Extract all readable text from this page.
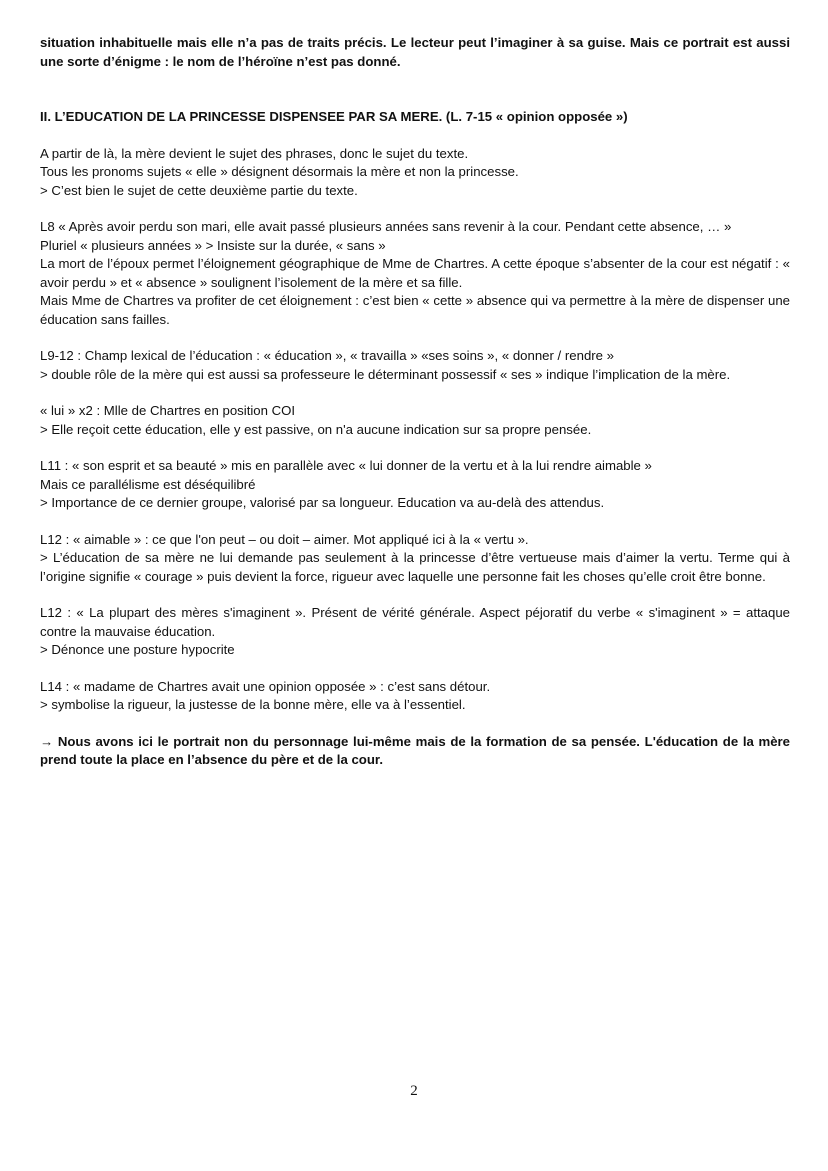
situation inhabituelle mais elle n’a pas de traits précis. Le lecteur peut l’imaginer à sa guise. Mais ce portrait est aussi une sorte d’énigme : le nom de l’héroïne n’est pas donné.

II. L’EDUCATION DE LA PRINCESSE DISPENSEE PAR SA MERE. (L. 7-15 « opinion opposée »)

A partir de là, la mère devient le sujet des phrases, donc le sujet du texte.

Tous les pronoms sujets « elle » désignent désormais la mère et non la princesse.

> C’est bien le sujet de cette deuxième partie du texte.

L8 « Après avoir perdu son mari, elle avait passé plusieurs années sans revenir à la cour. Pendant cette absence, … »

Pluriel « plusieurs années » > Insiste sur la durée, « sans »

La mort de l’époux permet l’éloignement géographique de Mme de Chartres. A cette époque s’absenter de la cour est négatif : « avoir perdu » et « absence » soulignent l’isolement de la mère et sa fille.

Mais Mme de Chartres va profiter de cet éloignement : c’est bien « cette » absence qui va permettre à la mère de dispenser une éducation sans failles.

L9-12 : Champ lexical de l’éducation : « éducation », « travailla » «ses soins », « donner / rendre »

> double rôle de la mère qui est aussi sa professeure le déterminant possessif « ses » indique l’implication de la mère.

« lui » x2 : Mlle de Chartres en position COI

> Elle reçoit cette éducation, elle y est passive, on n'a aucune indication sur sa propre pensée.

L11 : « son esprit et sa beauté » mis en parallèle avec « lui donner de la vertu et à la lui rendre aimable »

Mais ce parallélisme est déséquilibré

> Importance de ce dernier groupe, valorisé par sa longueur. Education va au-delà des attendus.

L12 : « aimable » : ce que l'on peut – ou doit – aimer. Mot appliqué ici à la « vertu ».

> L’éducation de sa mère ne lui demande pas seulement à la princesse d’être vertueuse mais d’aimer la vertu. Terme qui à l’origine signifie « courage » puis devient la force, rigueur avec laquelle une personne fait les choses qu’elle croit être bonne.

L12 : « La plupart des mères s'imaginent ». Présent de vérité générale. Aspect péjoratif du verbe « s'imaginent » = attaque contre la mauvaise éducation.

> Dénonce une posture hypocrite

L14 : « madame de Chartres avait une opinion opposée » : c’est sans détour.

> symbolise la rigueur, la justesse de la bonne mère, elle va à l’essentiel.

→ Nous avons ici le portrait non du personnage lui-même mais de la formation de sa pensée. L'éducation de la mère prend toute la place en l’absence du père et de la cour.

2
